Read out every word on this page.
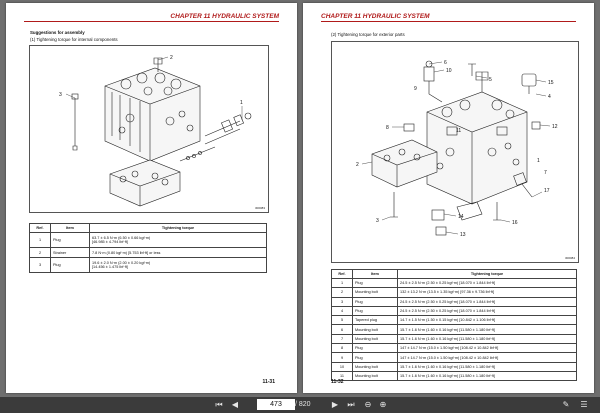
CHAPTER 11 HYDRAULIC SYSTEM
Suggestions for assembly
(1) Tightening torque for internal components
2
3
1
300083
Ref.	Item	Tightening torque
1	Plug	63.7 ± 6.5 N·m (6.50 ± 0.66 kgf·m)
[46.985 ± 4.794 lbf·ft]
2	Strainer	7.8 N·m (0.80 kgf·m) [5.753 lbf·ft] or less
3	Plug	19.6 ± 2.0 N·m (2.00 ± 0.20 kgf·m)
[14.456 ± 1.475 lbf·ft]
11-31
CHAPTER 11 HYDRAULIC SYSTEM
(2) Tightening torque for exterior parts
10
6
5	15
4
8	12
11
9
2
3
14
13
16
17
7
1
300084
Ref.	Item	Tightening torque
1	Plug	24.5 ± 2.5 N·m (2.50 ± 0.25 kgf·m) [18.070 ± 1.844 lbf·ft]
2	Mounting bolt	132 ± 13.2 N·m (13.5 ± 1.35 kgf·m) [97.36 ± 9.736 lbf·ft]
3	Plug	24.5 ± 2.5 N·m (2.50 ± 0.25 kgf·m) [18.070 ± 1.844 lbf·ft]
4	Plug	24.5 ± 2.5 N·m (2.50 ± 0.25 kgf·m) [18.070 ± 1.844 lbf·ft]
5	Tapered plug	14.7 ± 1.5 N·m (1.50 ± 0.15 kgf·m) [10.842 ± 1.106 lbf·ft]
6	Mounting bolt	15.7 ± 1.6 N·m (1.60 ± 0.16 kgf·m) [11.580 ± 1.180 lbf·ft]
7	Mounting bolt	15.7 ± 1.6 N·m (1.60 ± 0.16 kgf·m) [11.580 ± 1.180 lbf·ft]
8	Plug	147 ± 14.7 N·m (15.0 ± 1.50 kgf·m) [108.42 ± 10.842 lbf·ft]
9	Plug	147 ± 14.7 N·m (15.0 ± 1.50 kgf·m) [108.42 ± 10.842 lbf·ft]
10	Mounting bolt	15.7 ± 1.6 N·m (1.60 ± 0.16 kgf·m) [11.580 ± 1.180 lbf·ft]
11	Mounting bolt	15.7 ± 1.6 N·m (1.60 ± 0.16 kgf·m) [11.580 ± 1.180 lbf·ft]
11-32
⏮	◀
473	/ 820	▶	⏭	⊖	⊕	✎	☰
